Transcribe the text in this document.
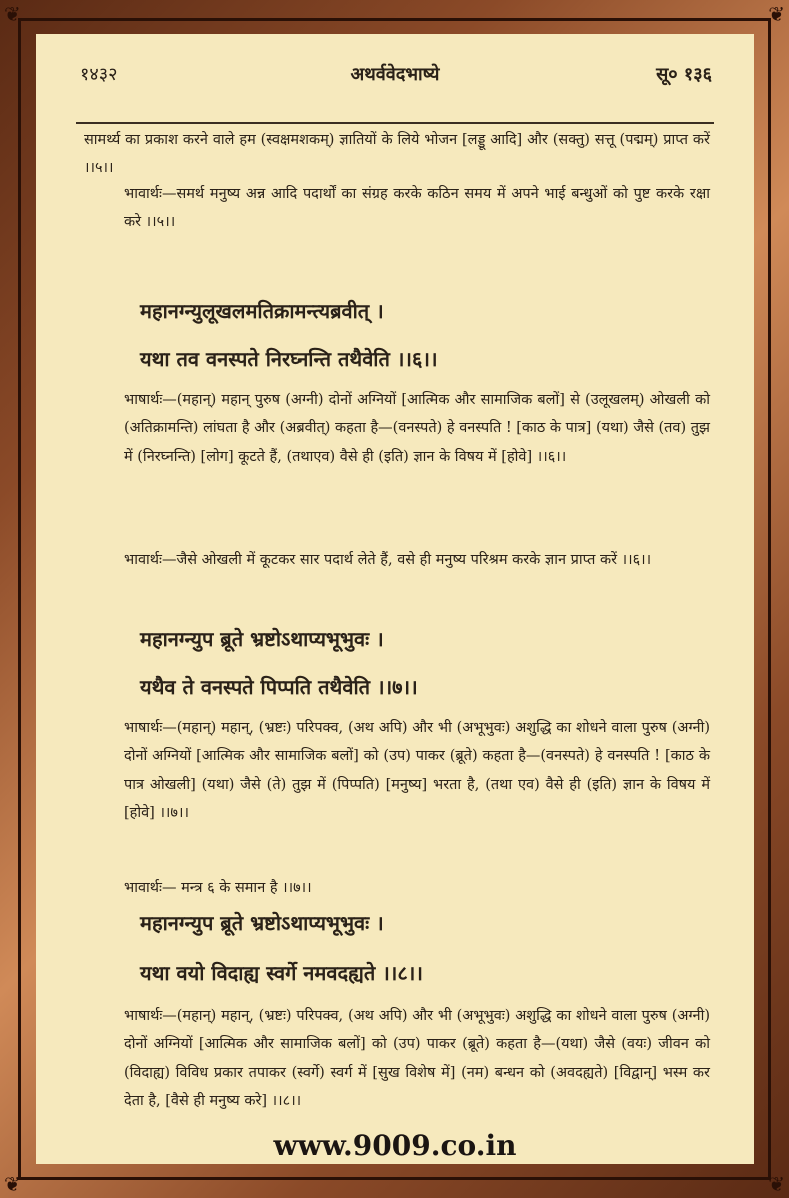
❦	❦
❦	❦
१४३२	अथर्ववेदभाष्ये	सू० १३६
सामर्थ्य का प्रकाश करने वाले हम (स्वक्षमशकम्) ज्ञातियों के लिये भोजन [लड्डू आदि] और (सक्तु) सत्तू (पद्मम्) प्राप्त करें ।।५।।
भावार्थः—समर्थ मनुष्य अन्न आदि पदार्थों का संग्रह करके कठिन समय में अपने भाई बन्धुओं को पुष्ट करके रक्षा करे ।।५।।
महानग्न्युलूखलमतिक्रामन्त्यब्रवीत् ।
यथा तव वनस्पते निरघ्नन्ति तथैवेति ।।६।।
भाषार्थः—(महान्) महान् पुरुष (अग्नी) दोनों अग्नियों [आत्मिक और सामाजिक बलों] से (उलूखलम्) ओखली को (अतिक्रामन्ति) लांघता है और (अब्रवीत्) कहता है—(वनस्पते) हे वनस्पति ! [काठ के पात्र] (यथा) जैसे (तव) तुझ में (निरघ्नन्ति) [लोग] कूटते हैं, (तथाएव) वैसे ही (इति) ज्ञान के विषय में [होवे] ।।६।।
भावार्थः—जैसे ओखली में कूटकर सार पदार्थ लेते हैं, वसे ही मनुष्य परिश्रम करके ज्ञान प्राप्त करें ।।६।।
महानग्न्युप ब्रूते भ्रष्टोऽथाप्यभूभुवः ।
यथैव ते वनस्पते पिप्पति तथैवेति ।।७।।
भाषार्थः—(महान्) महान्, (भ्रष्टः) परिपक्व, (अथ अपि) और भी (अभूभुवः) अशुद्धि का शोधने वाला पुरुष (अग्नी) दोनों अग्नियों [आत्मिक और सामाजिक बलों] को (उप) पाकर (ब्रूते) कहता है—(वनस्पते) हे वनस्पति ! [काठ के पात्र ओखली] (यथा) जैसे (ते) तुझ में (पिप्पति) [मनुष्य] भरता है, (तथा एव) वैसे ही (इति) ज्ञान के विषय में [होवे] ।।७।।
भावार्थः— मन्त्र ६ के समान है ।।७।।
महानग्न्युप ब्रूते भ्रष्टोऽथाप्यभूभुवः ।
यथा वयो विदाह्य स्वर्गे नमवदह्यते ।।८।।
भाषार्थः—(महान्) महान्, (भ्रष्टः) परिपक्व, (अथ अपि) और भी (अभूभुवः) अशुद्धि का शोधने वाला पुरुष (अग्नी) दोनों अग्नियों [आत्मिक और सामाजिक बलों] को (उप) पाकर (ब्रूते) कहता है—(यथा) जैसे (वयः) जीवन को (विदाह्य) विविध प्रकार तपाकर (स्वर्गे) स्वर्ग में [सुख विशेष में] (नम) बन्धन को (अवदह्यते) [विद्वान्] भस्म कर देता है, [वैसे ही मनुष्य करे] ।।८।।
www.9009.co.in
